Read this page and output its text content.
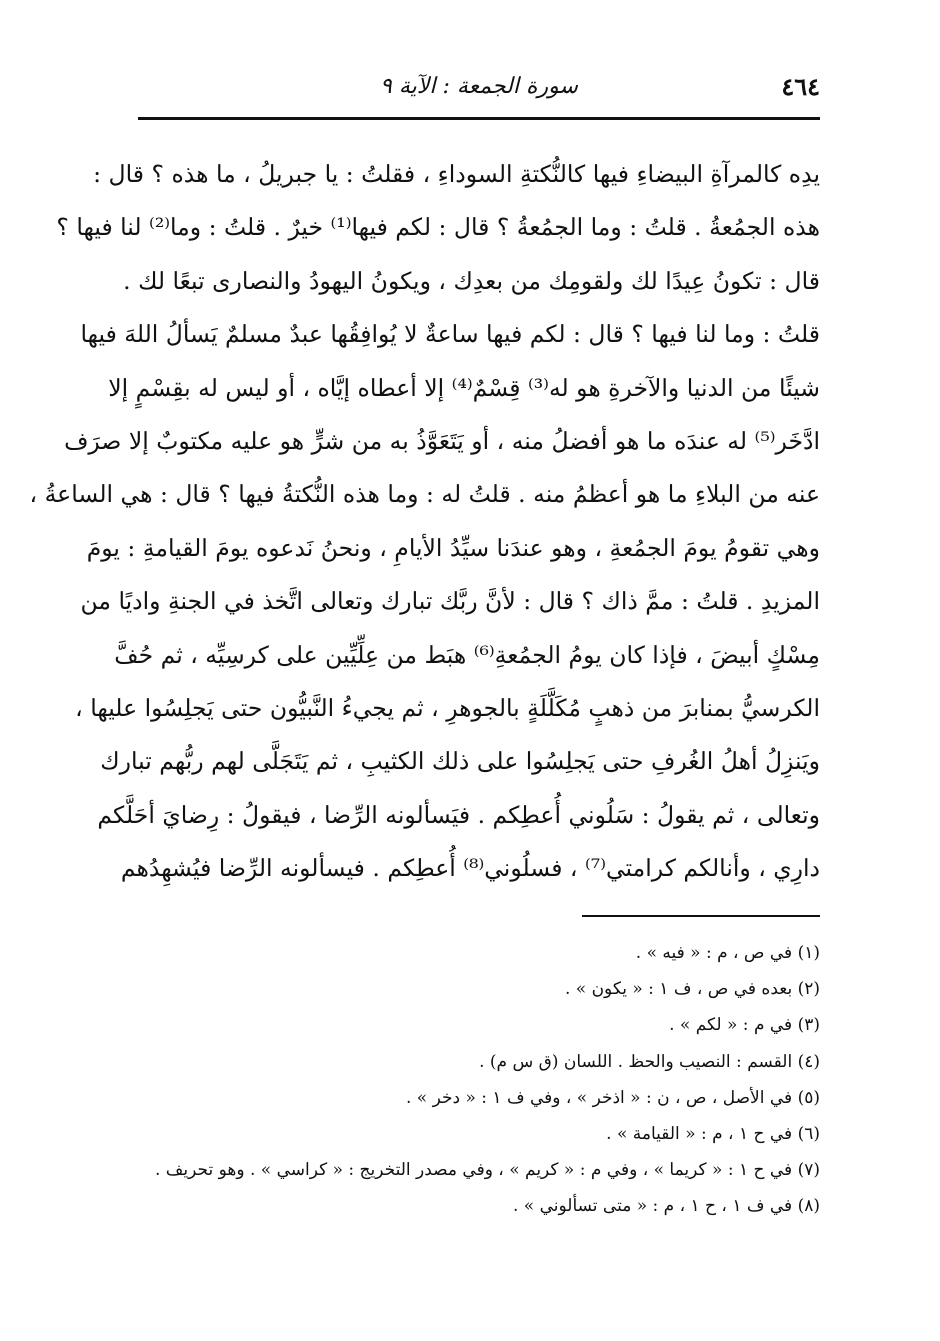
٤٦٤
سورة الجمعة : الآية ٩
يدِه كالمرآةِ البيضاءِ فيها كالنُّكتةِ السوداءِ ، فقلتُ : يا جبريلُ ، ما هذه ؟ قال :
هذه الجمُعةُ . قلتُ : وما الجمُعةُ ؟ قال : لكم فيها⁽¹⁾ خيرٌ . قلتُ : وما⁽²⁾ لنا فيها ؟
قال : تكونُ عِيدًا لك ولقومِك من بعدِك ، ويكونُ اليهودُ والنصارى تبعًا لك .
قلتُ : وما لنا فيها ؟ قال : لكم فيها ساعةٌ لا يُوافِقُها عبدٌ مسلمٌ يَسألُ اللهَ فيها
شيئًا من الدنيا والآخرةِ هو له⁽³⁾ قِسْمٌ⁽⁴⁾ إلا أعطاه إيَّاه ، أو ليس له بقِسْمٍ إلا
ادَّخَر⁽⁵⁾ له عندَه ما هو أفضلُ منه ، أو يَتَعَوَّذُ به من شرٍّ هو عليه مكتوبٌ إلا صرَف
عنه من البلاءِ ما هو أعظمُ منه . قلتُ له : وما هذه النُّكتةُ فيها ؟ قال : هي الساعةُ ،
وهي تقومُ يومَ الجمُعةِ ، وهو عندَنا سيِّدُ الأيامِ ، ونحنُ نَدعوه يومَ القيامةِ : يومَ
المزيدِ . قلتُ : ممَّ ذاك ؟ قال : لأنَّ ربَّك تبارك وتعالى اتَّخذ في الجنةِ واديًا من
مِسْكٍ أبيضَ ، فإذا كان يومُ الجمُعةِ⁽⁶⁾ هبَط من عِلِّيِّين على كرسِيِّه ، ثم حُفَّ
الكرسيُّ بمنابرَ من ذهبٍ مُكَلَّلَةٍ بالجوهرِ ، ثم يجيءُ النَّبيُّون حتى يَجلِسُوا عليها ،
ويَنزِلُ أهلُ الغُرفِ حتى يَجلِسُوا على ذلك الكثيبِ ، ثم يَتَجَلَّى لهم ربُّهم تبارك
وتعالى ، ثم يقولُ : سَلُوني أُعطِكم . فيَسألونه الرِّضا ، فيقولُ : رِضايَ أحَلَّكم
دارِي ، وأنالكم كرامتي⁽⁷⁾ ، فسلُوني⁽⁸⁾ أُعطِكم . فيسألونه الرِّضا فيُشهِدُهم
(١) في ص ، م : « فيه » .
(٢) بعده في ص ، ف ١ : « يكون » .
(٣) في م : « لكم » .
(٤) القسم : النصيب والحظ . اللسان (ق س م) .
(٥) في الأصل ، ص ، ن : « اذخر » ، وفي ف ١ : « دخر » .
(٦) في ح ١ ، م : « القيامة » .
(٧) في ح ١ : « كريما » ، وفي م : « كريم » ، وفي مصدر التخريج : « كراسي » . وهو تحريف .
(٨) في ف ١ ، ح ١ ، م : « متى تسألوني » .
